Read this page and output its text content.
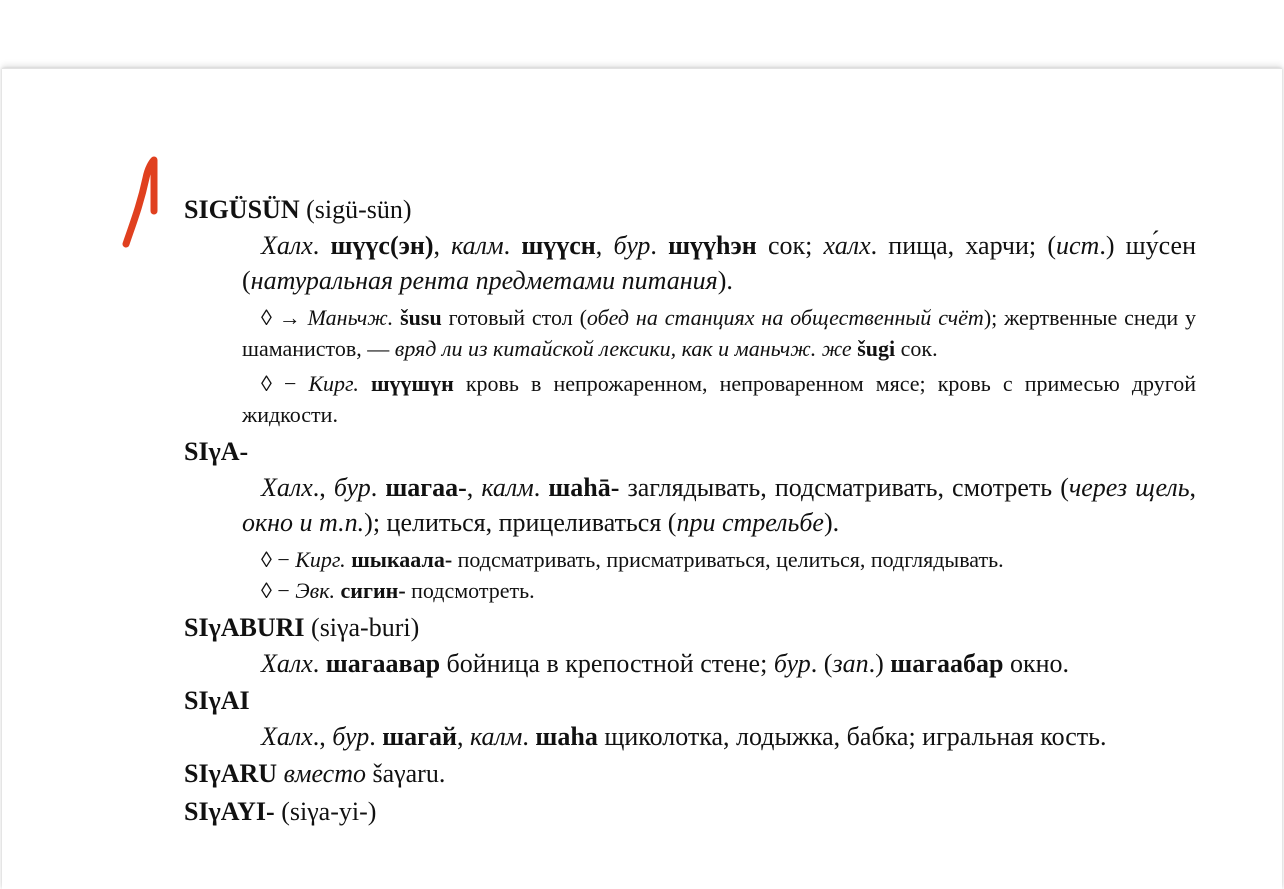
SIGÜSÜN (sigü-sün)

Халх. шүүс(эн), калм. шүүсн, бур. шүүһэн сок; халх. пища, харчи; (ист.) шу́сен (натуральная рента предметами питания).

◊ → Маньчж. šusu готовый стол (обед на станциях на общественный счёт); жертвенные снеди у шаманистов, — вряд ли из китайской лексики, как и маньчж. же šugi сок.

◊ − Кирг. шүүшүн кровь в непрожаренном, непроваренном мясе; кровь с примесью другой жидкости.

SIγA-

Халх., бур. шагаа-, калм. шаһā- заглядывать, подсматривать, смотреть (через щель, окно и т.п.); целиться, прицеливаться (при стрельбе).

◊ − Кирг. шыкаала- подсматривать, присматриваться, целиться, подглядывать.

◊ − Эвк. сигин- подсмотреть.

SIγABURI (siγa-buri)

Халх. шагаавар бойница в крепостной стене; бур. (зап.) шагаабар окно.

SIγAI

Халх., бур. шагай, калм. шаһа щиколотка, лодыжка, бабка; игральная кость.

SIγARU вместо šaγaru.
SIγAYI- (siγa-yi-)
